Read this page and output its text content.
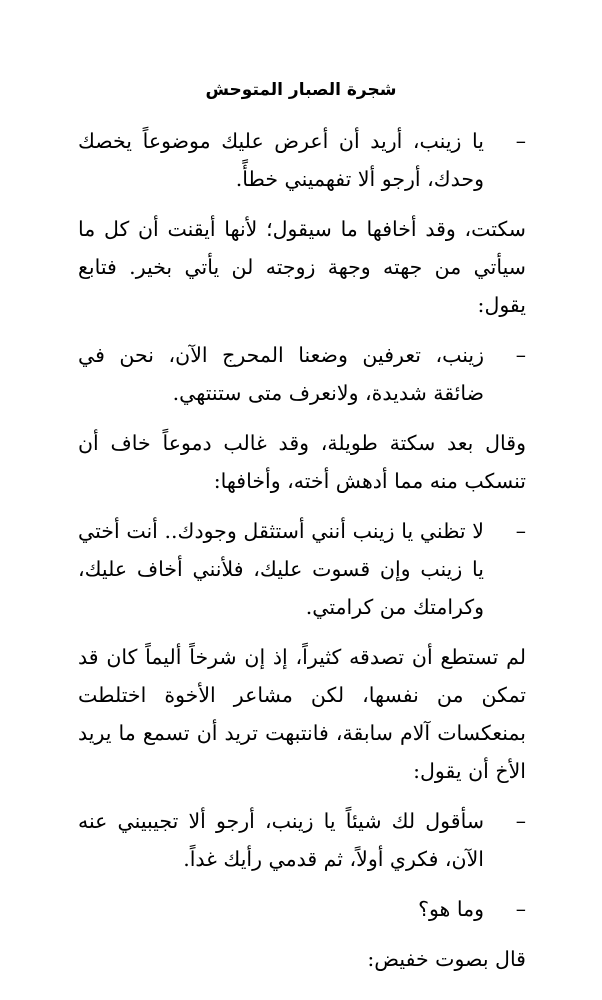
شجرة الصبار المتوحش
–
يا زينب، أريد أن أعرض عليك موضوعاً يخصك وحدك، أرجو ألا تفهميني خطأً.

سكتت، وقد أخافها ما سيقول؛ لأنها أيقنت أن كل ما سيأتي من جهته وجهة زوجته لن يأتي بخير. فتابع يقول:

–
زينب، تعرفين وضعنا المحرج الآن، نحن في ضائقة شديدة، ولانعرف متى ستنتهي.

وقال بعد سكتة طويلة، وقد غالب دموعاً خاف أن تنسكب منه مما أدهش أخته، وأخافها:

–
لا تظني يا زينب أنني أستثقل وجودك.. أنت أختي يا زينب وإن قسوت عليك، فلأنني أخاف عليك، وكرامتك من كرامتي.

لم تستطع أن تصدقه كثيراً، إذ إن شرخاً أليماً كان قد تمكن من نفسها، لكن مشاعر الأخوة اختلطت بمنعكسات آلام سابقة، فانتبهت تريد أن تسمع ما يريد الأخ أن يقول:

–
سأقول لك شيئاً يا زينب، أرجو ألا تجيبيني عنه الآن، فكري أولاً، ثم قدمي رأيك غداً.
–
وما هو؟

قال بصوت خفيض:
